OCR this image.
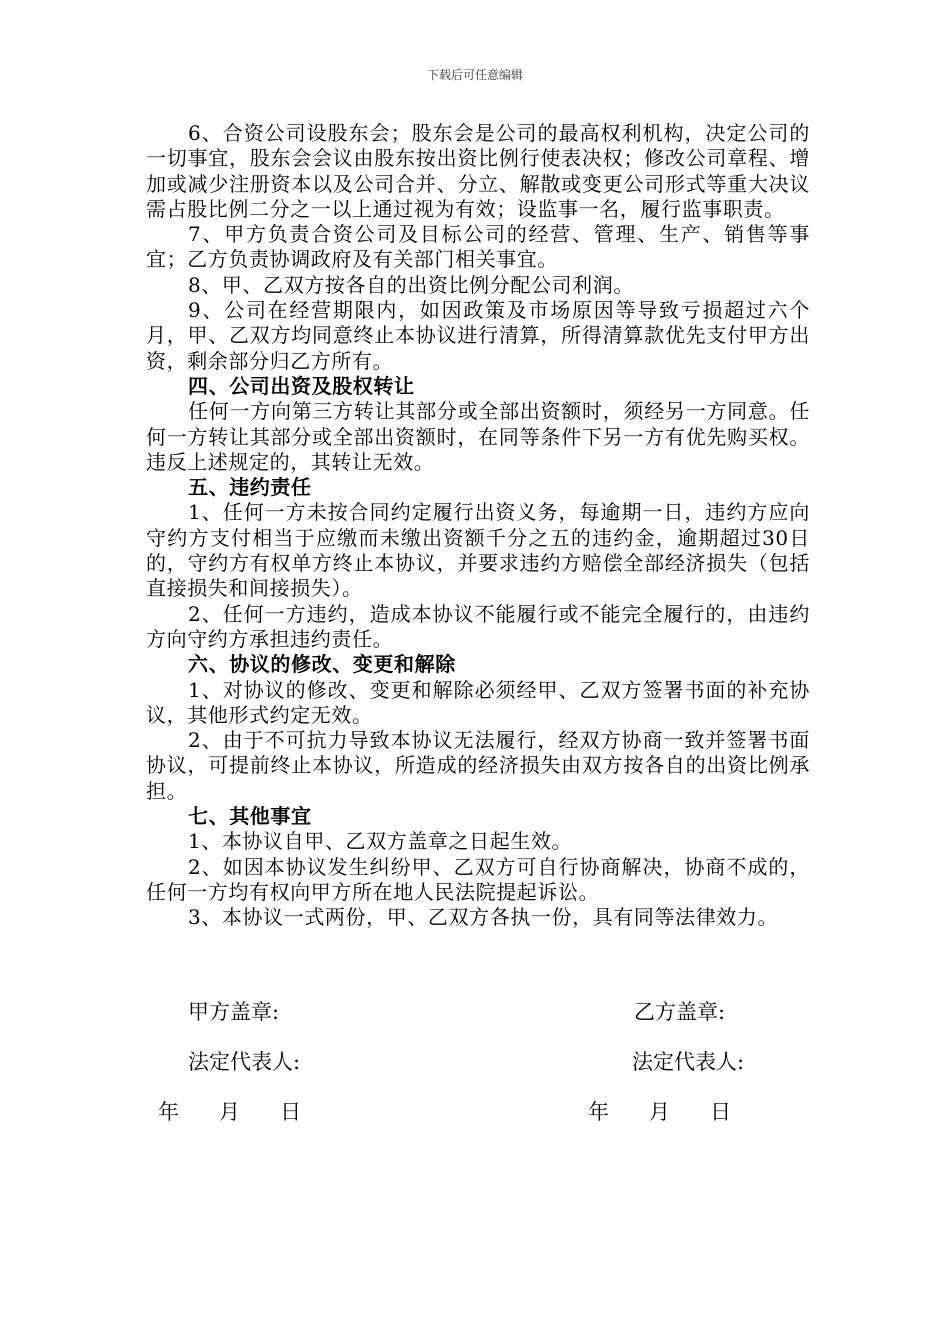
下载后可任意编辑

6、合资公司设股东会；股东会是公司的最高权利机构，决定公司的一切事宜，股东会会议由股东按出资比例行使表决权；修改公司章程、增加或减少注册资本以及公司合并、分立、解散或变更公司形式等重大决议需占股比例二分之一以上通过视为有效；设监事一名，履行监事职责。

7、甲方负责合资公司及目标公司的经营、管理、生产、销售等事宜；乙方负责协调政府及有关部门相关事宜。

8、甲、乙双方按各自的出资比例分配公司利润。

9、公司在经营期限内，如因政策及市场原因等导致亏损超过六个月，甲、乙双方均同意终止本协议进行清算，所得清算款优先支付甲方出资，剩余部分归乙方所有。

四、公司出资及股权转让

任何一方向第三方转让其部分或全部出资额时，须经另一方同意。任何一方转让其部分或全部出资额时，在同等条件下另一方有优先购买权。违反上述规定的，其转让无效。

五、违约责任

1、任何一方未按合同约定履行出资义务，每逾期一日，违约方应向守约方支付相当于应缴而未缴出资额千分之五的违约金，逾期超过30日的，守约方有权单方终止本协议，并要求违约方赔偿全部经济损失（包括直接损失和间接损失）。

2、任何一方违约，造成本协议不能履行或不能完全履行的，由违约方向守约方承担违约责任。

六、协议的修改、变更和解除

1、对协议的修改、变更和解除必须经甲、乙双方签署书面的补充协议，其他形式约定无效。

2、由于不可抗力导致本协议无法履行，经双方协商一致并签署书面协议，可提前终止本协议，所造成的经济损失由双方按各自的出资比例承担。

七、其他事宜

1、本协议自甲、乙双方盖章之日起生效。

2、如因本协议发生纠纷甲、乙双方可自行协商解决，协商不成的，任何一方均有权向甲方所在地人民法院提起诉讼。

3、本协议一式两份，甲、乙双方各执一份，具有同等法律效力。

甲方盖章:	乙方盖章:
法定代表人:	法定代表人:
年      月      日	年      月      日
